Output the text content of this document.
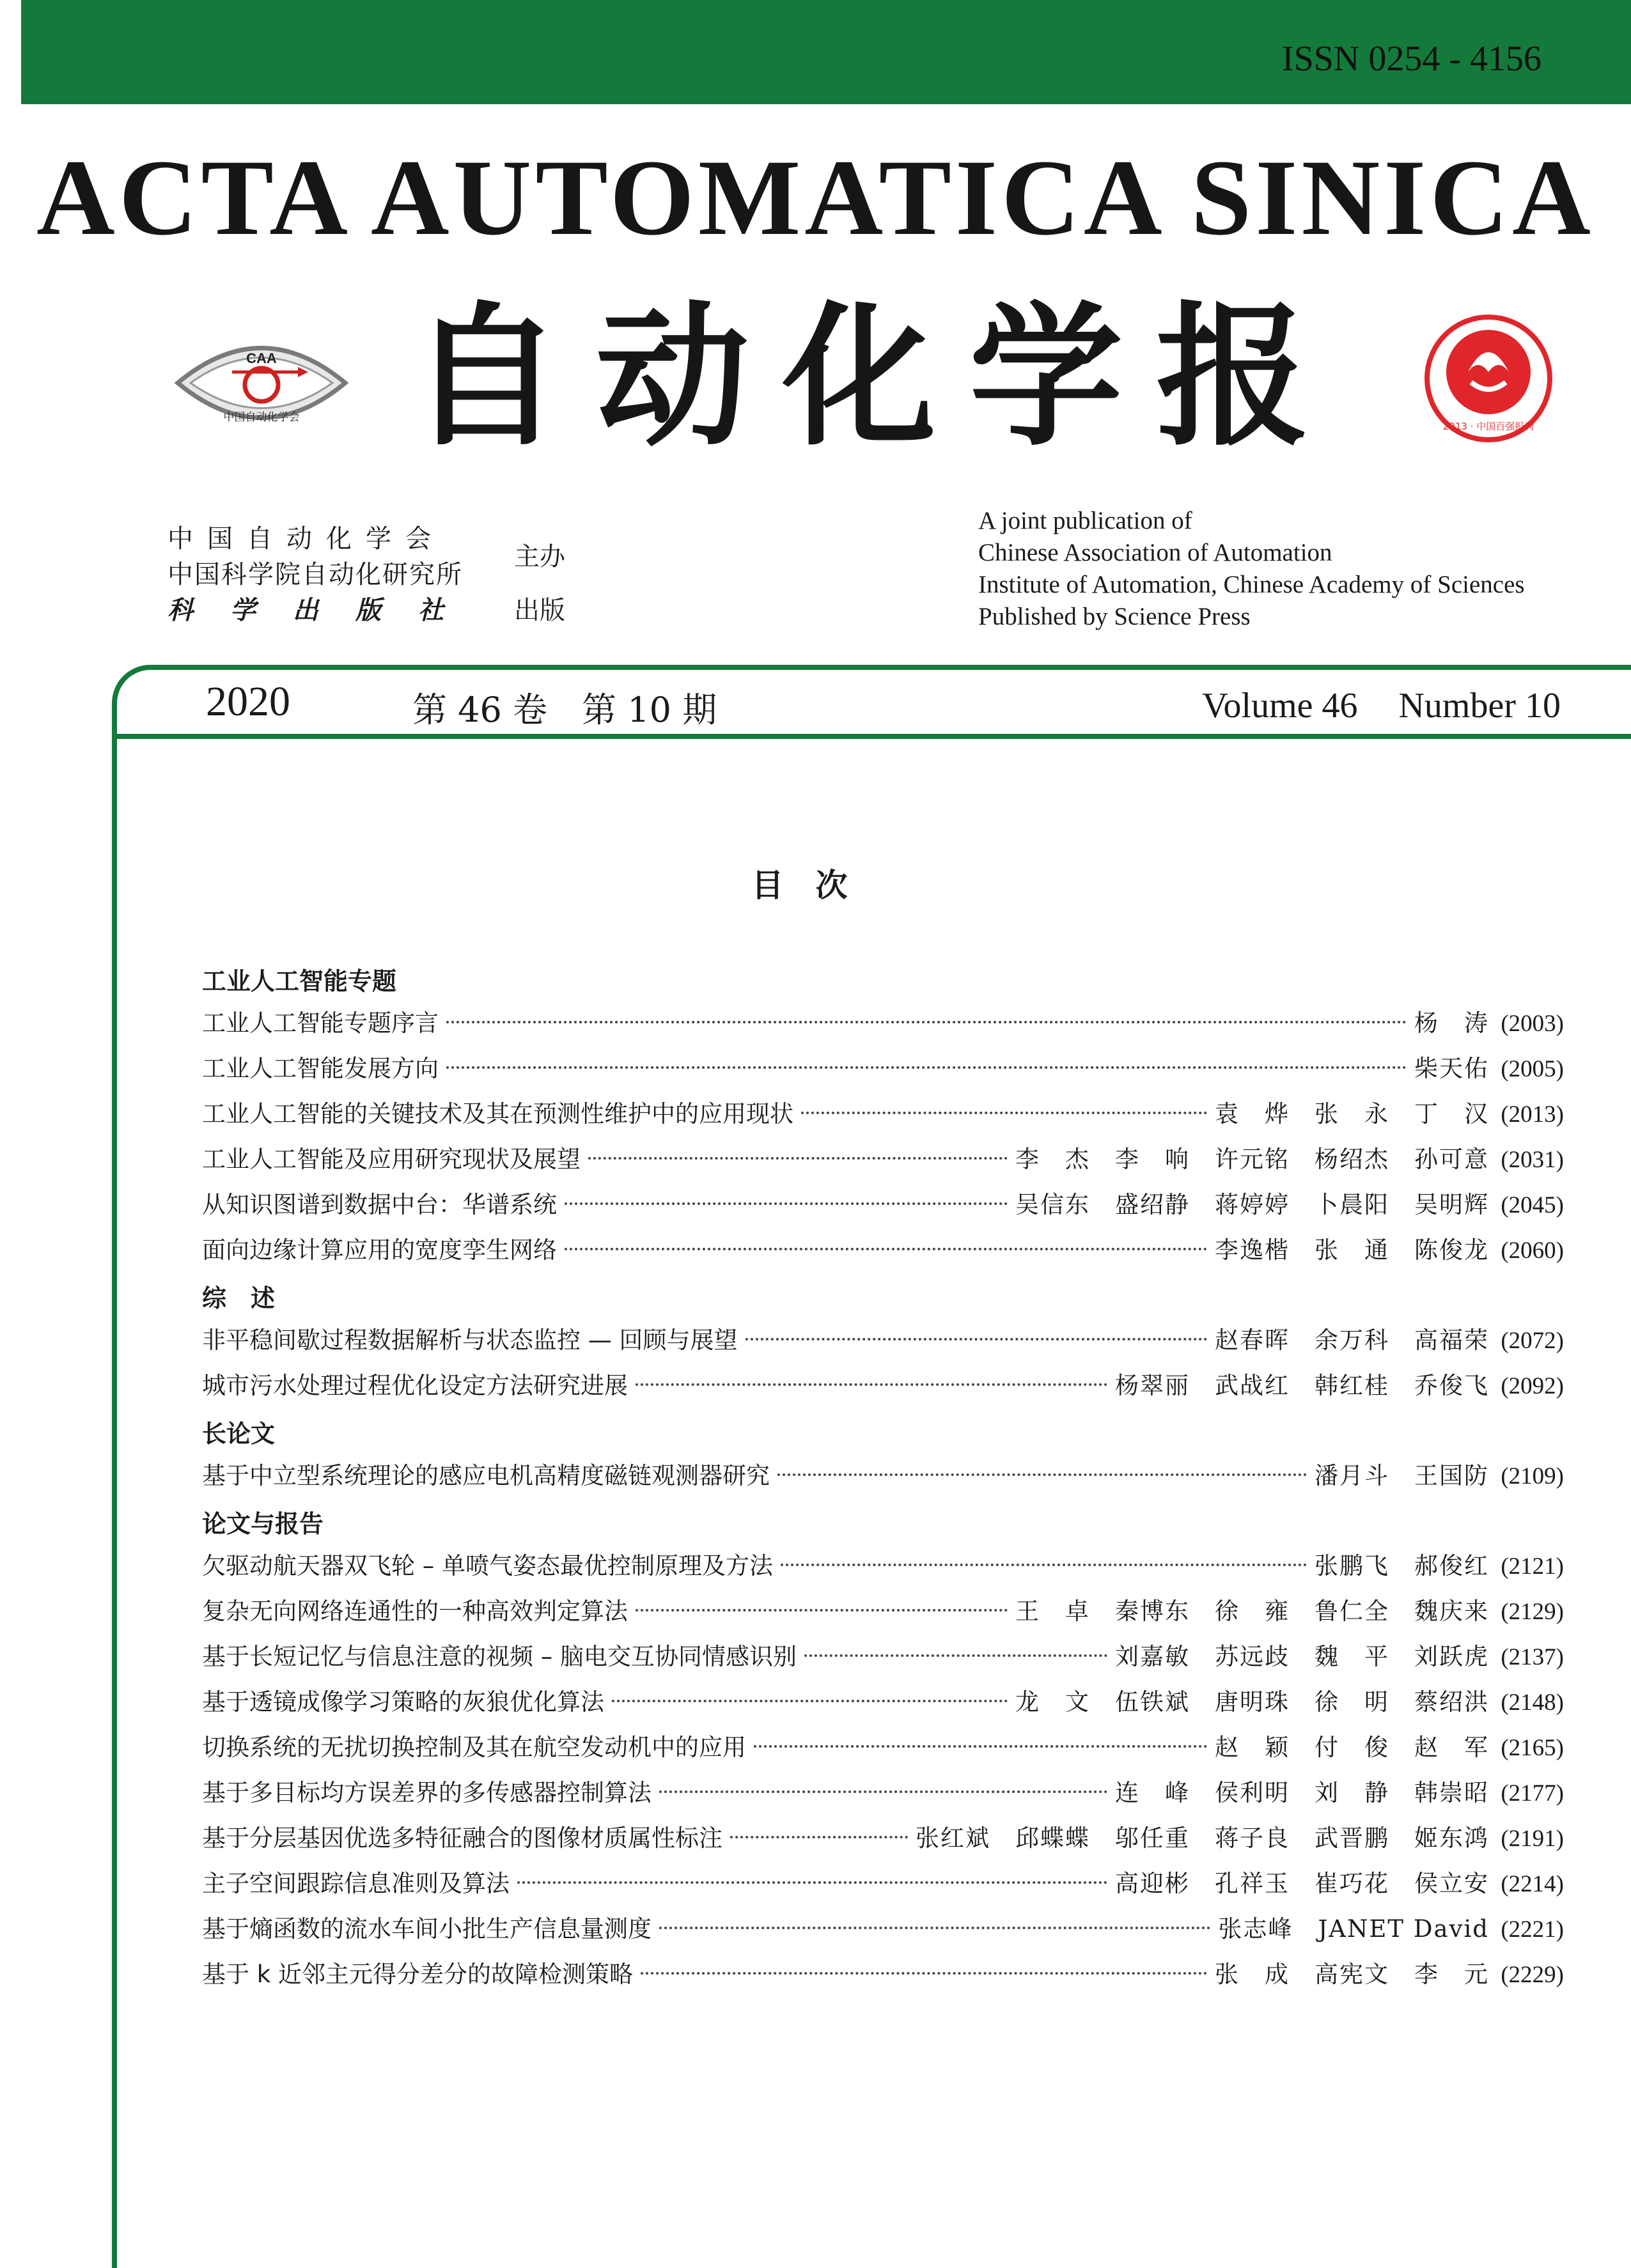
ISSN 0254 - 4156
ACTA AUTOMATICA SINICA
CAA
中国自动化学会 自动化学报	2013 · 中国百强报刊
中国自动化学会
主办
中国科学院自动化研究所
科学出版社 出版
A joint publication of
Chinese Association of Automation
Institute of Automation, Chinese Academy of Sciences
Published by Science Press
2020	第 46 卷　第 10 期	Volume 46 Number 10
目次
工业人工智能专题
工业人工智能专题序言	杨　涛 (2003)
工业人工智能发展方向	柴天佑 (2005)
工业人工智能的关键技术及其在预测性维护中的应用现状	袁　烨　张　永　丁　汉 (2013)
工业人工智能及应用研究现状及展望	李　杰　李　响　许元铭　杨绍杰　孙可意 (2031)
从知识图谱到数据中台：华谱系统	吴信东　盛绍静　蒋婷婷　卜晨阳　吴明辉 (2045)
面向边缘计算应用的宽度孪生网络	李逸楷　张　通　陈俊龙 (2060)
综　述
非平稳间歇过程数据解析与状态监控 — 回顾与展望	赵春晖　余万科　高福荣 (2072)
城市污水处理过程优化设定方法研究进展	杨翠丽　武战红　韩红桂　乔俊飞 (2092)
长论文
基于中立型系统理论的感应电机高精度磁链观测器研究	潘月斗　王国防 (2109)
论文与报告
欠驱动航天器双飞轮 – 单喷气姿态最优控制原理及方法	张鹏飞　郝俊红 (2121)
复杂无向网络连通性的一种高效判定算法	王　卓　秦博东　徐　雍　鲁仁全　魏庆来 (2129)
基于长短记忆与信息注意的视频 – 脑电交互协同情感识别	刘嘉敏　苏远歧　魏　平　刘跃虎 (2137)
基于透镜成像学习策略的灰狼优化算法	龙　文　伍铁斌　唐明珠　徐　明　蔡绍洪 (2148)
切换系统的无扰切换控制及其在航空发动机中的应用	赵　颖　付　俊　赵　军 (2165)
基于多目标均方误差界的多传感器控制算法	连　峰　侯利明　刘　静　韩崇昭 (2177)
基于分层基因优选多特征融合的图像材质属性标注	张红斌　邱蝶蝶　邬任重　蒋子良　武晋鹏　姬东鸿 (2191)
主子空间跟踪信息准则及算法	高迎彬　孔祥玉　崔巧花　侯立安 (2214)
基于熵函数的流水车间小批生产信息量测度	张志峰　JANET David (2221)
基于 k 近邻主元得分差分的故障检测策略	张　成　高宪文　李　元 (2229)
